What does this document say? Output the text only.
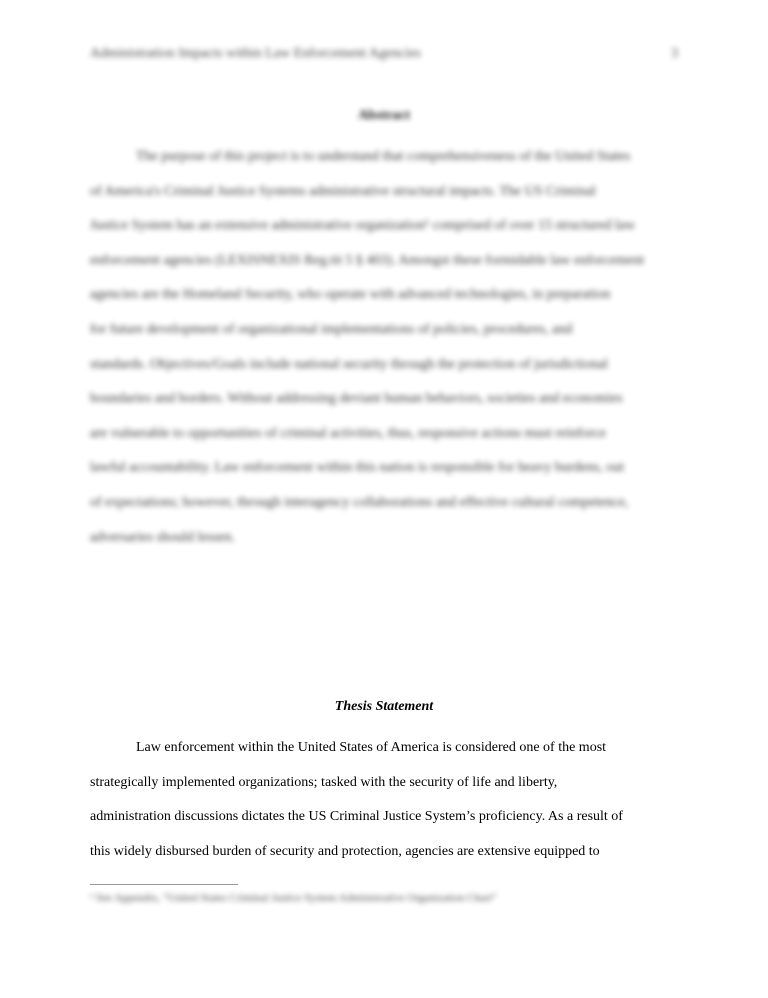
Administration Impacts within Law Enforcement Agencies	3
Abstract
The purpose of this project is to understand that comprehensiveness of the United States
of America's Criminal Justice Systems administrative structural impacts. The US Criminal
Justice System has an extensive administrative organization¹ comprised of over 15 structured law
enforcement agencies (LEXISNEXIS Reg.tit 5 § 403). Amongst these formidable law enforcement
agencies are the Homeland Security, who operate with advanced technologies, in preparation
for future development of organizational implementations of policies, procedures, and
standards. Objectives/Goals include national security through the protection of jurisdictional
boundaries and borders. Without addressing deviant human behaviors, societies and economies
are vulnerable to opportunities of criminal activities, thus, responsive actions must reinforce
lawful accountability. Law enforcement within this nation is responsible for heavy burdens, out
of expectations; however, through interagency collaborations and effective cultural competence,
adversaries should lessen.
Thesis Statement
Law enforcement within the United States of America is considered one of the most
strategically implemented organizations; tasked with the security of life and liberty,
administration discussions dictates the US Criminal Justice System’s proficiency. As a result of
this widely disbursed burden of security and protection, agencies are extensive equipped to
¹ See Appendix, “United States Criminal Justice System Administrative Organization Chart”
